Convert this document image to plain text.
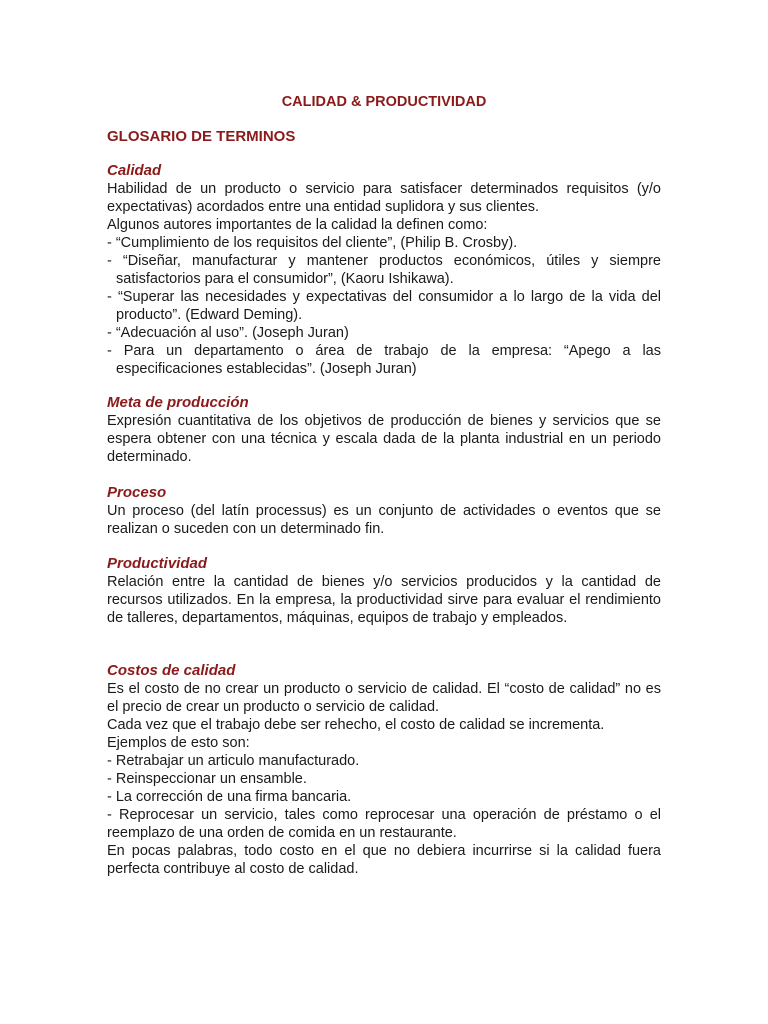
CALIDAD & PRODUCTIVIDAD
GLOSARIO DE TERMINOS
Calidad

Habilidad de un producto o servicio para satisfacer determinados requisitos (y/o expectativas) acordados entre una entidad suplidora y sus clientes.

Algunos autores importantes de la calidad la definen como:

- “Cumplimiento de los requisitos del cliente”, (Philip B. Crosby).

- “Diseñar, manufacturar y mantener productos económicos, útiles y siempre satisfactorios para el consumidor”, (Kaoru Ishikawa).

- “Superar las necesidades y expectativas del consumidor a lo largo de la vida del producto”. (Edward Deming).

- “Adecuación al uso”. (Joseph Juran)

- Para un departamento o área de trabajo de la empresa: “Apego a las especificaciones establecidas”. (Joseph Juran)

Meta de producción

Expresión cuantitativa de los objetivos de producción de bienes y servicios que se espera obtener con una técnica y escala dada de la planta industrial en un periodo determinado.

Proceso

Un proceso (del latín processus) es un conjunto de actividades o eventos que se realizan o suceden con un determinado fin.

Productividad

Relación entre la cantidad de bienes y/o servicios producidos y la cantidad de recursos utilizados. En la empresa, la productividad sirve para evaluar el rendimiento de talleres, departamentos, máquinas, equipos de trabajo y empleados.

Costos de calidad

Es el costo de no crear un producto o servicio de calidad. El “costo de calidad” no es el precio de crear un producto o servicio de calidad.

Cada vez que el trabajo debe ser rehecho, el costo de calidad se incrementa.

Ejemplos de esto son:

- Retrabajar un articulo manufacturado.

- Reinspeccionar un ensamble.

- La corrección de una firma bancaria.

- Reprocesar un servicio, tales como reprocesar una operación de préstamo o el reemplazo de una orden de comida en un restaurante.

En pocas palabras, todo costo en el que no debiera incurrirse si la calidad fuera perfecta contribuye al costo de calidad.
